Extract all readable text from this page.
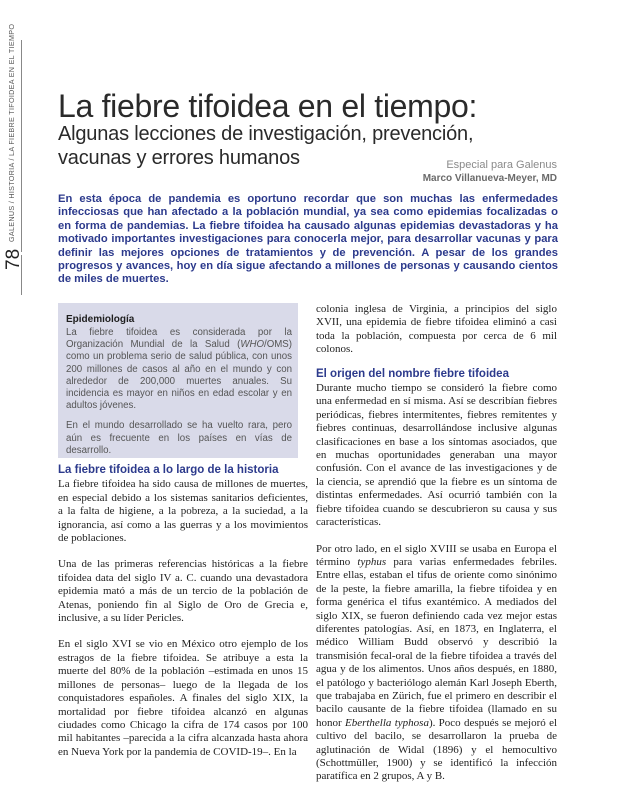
GALENUS / HISTORIA / LA FIEBRE TIFOIDEA EN EL TIEMPO
78
La fiebre tifoidea en el tiempo:
Algunas lecciones de investigación, prevención, vacunas y errores humanos	Especial para Galenus
Marco Villanueva-Meyer, MD

En esta época de pandemia es oportuno recordar que son muchas las enfermedades infecciosas que han afectado a la población mundial, ya sea como epidemias focalizadas o en forma de pandemias. La fiebre tifoidea ha causado algunas epidemias devastadoras y ha motivado importantes investigaciones para conocerla mejor, para desarrollar vacunas y para definir las mejores opciones de tratamientos y de prevención. A pesar de los grandes progresos y avances, hoy en día sigue afectando a millones de personas y causando cientos de miles de muertes.

Epidemiología

La fiebre tifoidea es considerada por la Organización Mundial de la Salud (WHO/OMS) como un problema serio de salud pública, con unos 200 millones de casos al año en el mundo y con alrededor de 200,000 muertes anuales. Su incidencia es mayor en niños en edad escolar y en adultos jóvenes.

En el mundo desarrollado se ha vuelto rara, pero aún es frecuente en los países en vías de desarrollo.

La fiebre tifoidea a lo largo de la historia

La fiebre tifoidea ha sido causa de millones de muertes, en especial debido a los sistemas sanitarios deficientes, a la falta de higiene, a la pobreza, a la suciedad, a la ignorancia, así como a las guerras y a los movimientos de poblaciones.

Una de las primeras referencias históricas a la fiebre tifoidea data del siglo IV a. C. cuando una devastadora epidemia mató a más de un tercio de la población de Atenas, poniendo fin al Siglo de Oro de Grecia e, inclusive, a su líder Pericles.

En el siglo XVI se vio en México otro ejemplo de los estragos de la fiebre tifoidea. Se atribuye a esta la muerte del 80% de la población –estimada en unos 15 millones de personas– luego de la llegada de los conquistadores españoles. A finales del siglo XIX, la mortalidad por fiebre tifoidea alcanzó en algunas ciudades como Chicago la cifra de 174 casos por 100 mil habitantes –parecida a la cifra alcanzada hasta ahora en Nueva York por la pandemia de COVID-19–. En la

colonia inglesa de Virginia, a principios del siglo XVII, una epidemia de fiebre tifoidea eliminó a casi toda la población, compuesta por cerca de 6 mil colonos.

El origen del nombre fiebre tifoidea

Durante mucho tiempo se consideró la fiebre como una enfermedad en sí misma. Así se describían fiebres periódicas, fiebres intermitentes, fiebres remitentes y fiebres continuas, desarrollándose inclusive algunas clasificaciones en base a los síntomas asociados, que en muchas oportunidades generaban una mayor confusión. Con el avance de las investigaciones y de la ciencia, se aprendió que la fiebre es un síntoma de distintas enfermedades. Así ocurrió también con la fiebre tifoidea cuando se descubrieron su causa y sus características.

Por otro lado, en el siglo XVIII se usaba en Europa el término typhus para varias enfermedades febriles. Entre ellas, estaban el tifus de oriente como sinónimo de la peste, la fiebre amarilla, la fiebre tifoidea y en forma genérica el tifus exantémico. A mediados del siglo XIX, se fueron definiendo cada vez mejor estas diferentes patologías. Así, en 1873, en Inglaterra, el médico William Budd observó y describió la transmisión fecal-oral de la fiebre tifoidea a través del agua y de los alimentos. Unos años después, en 1880, el patólogo y bacteriólogo alemán Karl Joseph Eberth, que trabajaba en Zürich, fue el primero en describir el bacilo causante de la fiebre tifoidea (llamado en su honor Eberthella typhosa). Poco después se mejoró el cultivo del bacilo, se desarrollaron la prueba de aglutinación de Widal (1896) y el hemocultivo (Schottmüller, 1900) y se identificó la infección paratífica en 2 grupos, A y B.
